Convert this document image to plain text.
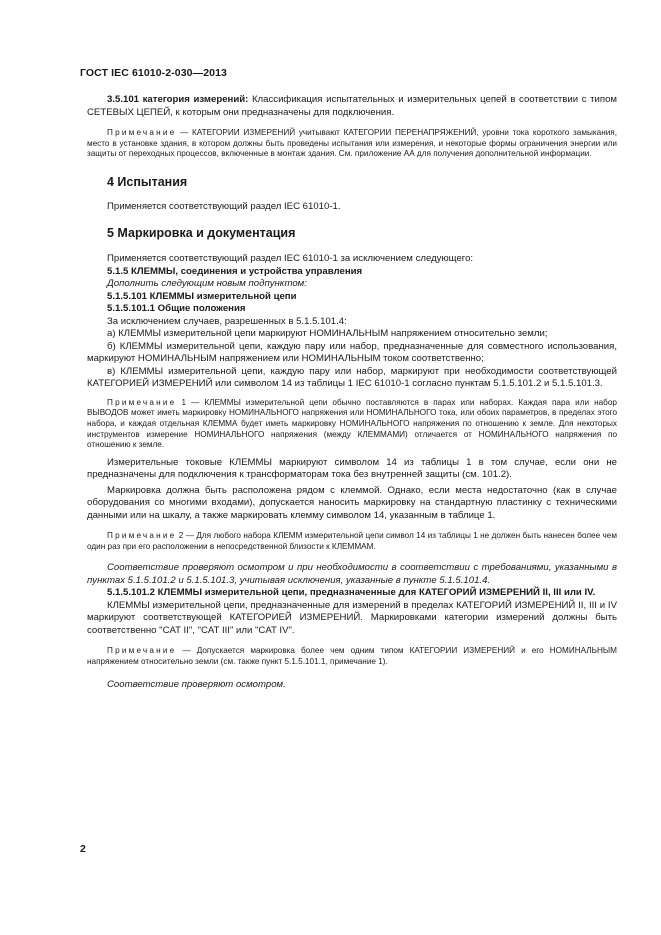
ГОСТ IEC 61010-2-030—2013

3.5.101 категория измерений: Классификация испытательных и измерительных цепей в соответствии с типом СЕТЕВЫХ ЦЕПЕЙ, к которым они предназначены для подключения.

Примечание — КАТЕГОРИИ ИЗМЕРЕНИЙ учитывают КАТЕГОРИИ ПЕРЕНАПРЯЖЕНИЙ, уровни тока короткого замыкания, место в установке здания, в котором должны быть проведены испытания или измерения, и некоторые формы ограничения энергии или защиты от переходных процессов, включенные в монтаж здания. См. приложение АА для получения дополнительной информации.

4 Испытания

Применяется соответствующий раздел IEC 61010-1.

5 Маркировка и документация

Применяется соответствующий раздел IEC 61010-1 за исключением следующего:

5.1.5 КЛЕММЫ, соединения и устройства управления

Дополнить следующим новым подпунктом:

5.1.5.101 КЛЕММЫ измерительной цепи

5.1.5.101.1 Общие положения

За исключением случаев, разрешенных в 5.1.5.101.4:

а) КЛЕММЫ измерительной цепи маркируют НОМИНАЛЬНЫМ напряжением относительно земли;

б) КЛЕММЫ измерительной цепи, каждую пару или набор, предназначенные для совместного использования, маркируют НОМИНАЛЬНЫМ напряжением или НОМИНАЛЬНЫМ током соответственно;

в) КЛЕММЫ измерительной цепи, каждую пару или набор, маркируют при необходимости соответствующей КАТЕГОРИЕЙ ИЗМЕРЕНИЙ или символом 14 из таблицы 1 IEC 61010-1 согласно пунктам 5.1.5.101.2 и 5.1.5.101.3.

Примечание 1 — КЛЕММЫ измерительной цепи обычно поставляются в парах или наборах. Каждая пара или набор ВЫВОДОВ может иметь маркировку НОМИНАЛЬНОГО напряжения или НОМИНАЛЬНОГО тока, или обоих параметров, в пределах этого набора, и каждая отдельная КЛЕММА будет иметь маркировку НОМИНАЛЬНОГО напряжения по отношению к земле. Для некоторых инструментов измерение НОМИНАЛЬНОГО напряжения (между КЛЕММАМИ) отличается от НОМИНАЛЬНОГО напряжения по отношению к земле.

Измерительные токовые КЛЕММЫ маркируют символом 14 из таблицы 1 в том случае, если они не предназначены для подключения к трансформаторам тока без внутренней защиты (см. 101.2).

Маркировка должна быть расположена рядом с клеммой. Однако, если места недостаточно (как в случае оборудования со многими входами), допускается наносить маркировку на стандартную пластинку с техническими данными или на шкалу, а также маркировать клемму символом 14, указанным в таблице 1.

Примечание 2 — Для любого набора КЛЕММ измерительной цепи символ 14 из таблицы 1 не должен быть нанесен более чем один раз при его расположении в непосредственной близости к КЛЕММАМ.

Соответствие проверяют осмотром и при необходимости в соответствии с требованиями, указанными в пунктах 5.1.5.101.2 и 5.1.5.101.3, учитывая исключения, указанные в пункте 5.1.5.101.4.

5.1.5.101.2 КЛЕММЫ измерительной цепи, предназначенные для КАТЕГОРИЙ ИЗМЕРЕНИЙ II, III или IV.

КЛЕММЫ измерительной цепи, предназначенные для измерений в пределах КАТЕГОРИЙ ИЗМЕРЕНИЙ II, III и IV маркируют соответствующей КАТЕГОРИЕЙ ИЗМЕРЕНИЙ. Маркировками категории измерений должны быть соответственно "CAT II", "CAT III" или "CAT IV".

Примечание — Допускается маркировка более чем одним типом КАТЕГОРИИ ИЗМЕРЕНИЙ и его НОМИНАЛЬНЫМ напряжением относительно земли (см. также пункт 5.1.5.101.1, примечание 1).

Соответствие проверяют осмотром.

2
